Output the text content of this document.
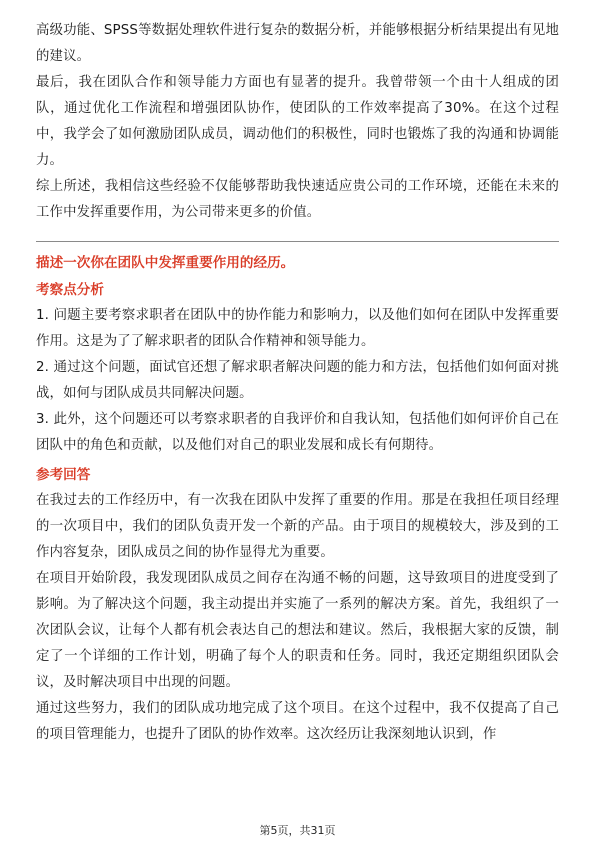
高级功能、SPSS等数据处理软件进行复杂的数据分析，并能够根据分析结果提出有见地的建议。

最后，我在团队合作和领导能力方面也有显著的提升。我曾带领一个由十人组成的团队，通过优化工作流程和增强团队协作，使团队的工作效率提高了30%。在这个过程中，我学会了如何激励团队成员，调动他们的积极性，同时也锻炼了我的沟通和协调能力。

综上所述，我相信这些经验不仅能够帮助我快速适应贵公司的工作环境，还能在未来的工作中发挥重要作用，为公司带来更多的价值。

描述一次你在团队中发挥重要作用的经历。

考察点分析

1. 问题主要考察求职者在团队中的协作能力和影响力，以及他们如何在团队中发挥重要作用。这是为了了解求职者的团队合作精神和领导能力。

2. 通过这个问题，面试官还想了解求职者解决问题的能力和方法，包括他们如何面对挑战，如何与团队成员共同解决问题。

3. 此外，这个问题还可以考察求职者的自我评价和自我认知，包括他们如何评价自己在团队中的角色和贡献，以及他们对自己的职业发展和成长有何期待。

参考回答

在我过去的工作经历中，有一次我在团队中发挥了重要的作用。那是在我担任项目经理的一次项目中，我们的团队负责开发一个新的产品。由于项目的规模较大，涉及到的工作内容复杂，团队成员之间的协作显得尤为重要。

在项目开始阶段，我发现团队成员之间存在沟通不畅的问题，这导致项目的进度受到了影响。为了解决这个问题，我主动提出并实施了一系列的解决方案。首先，我组织了一次团队会议，让每个人都有机会表达自己的想法和建议。然后，我根据大家的反馈，制定了一个详细的工作计划，明确了每个人的职责和任务。同时，我还定期组织团队会议，及时解决项目中出现的问题。

通过这些努力，我们的团队成功地完成了这个项目。在这个过程中，我不仅提高了自己的项目管理能力，也提升了团队的协作效率。这次经历让我深刻地认识到，作

第5页，共31页
